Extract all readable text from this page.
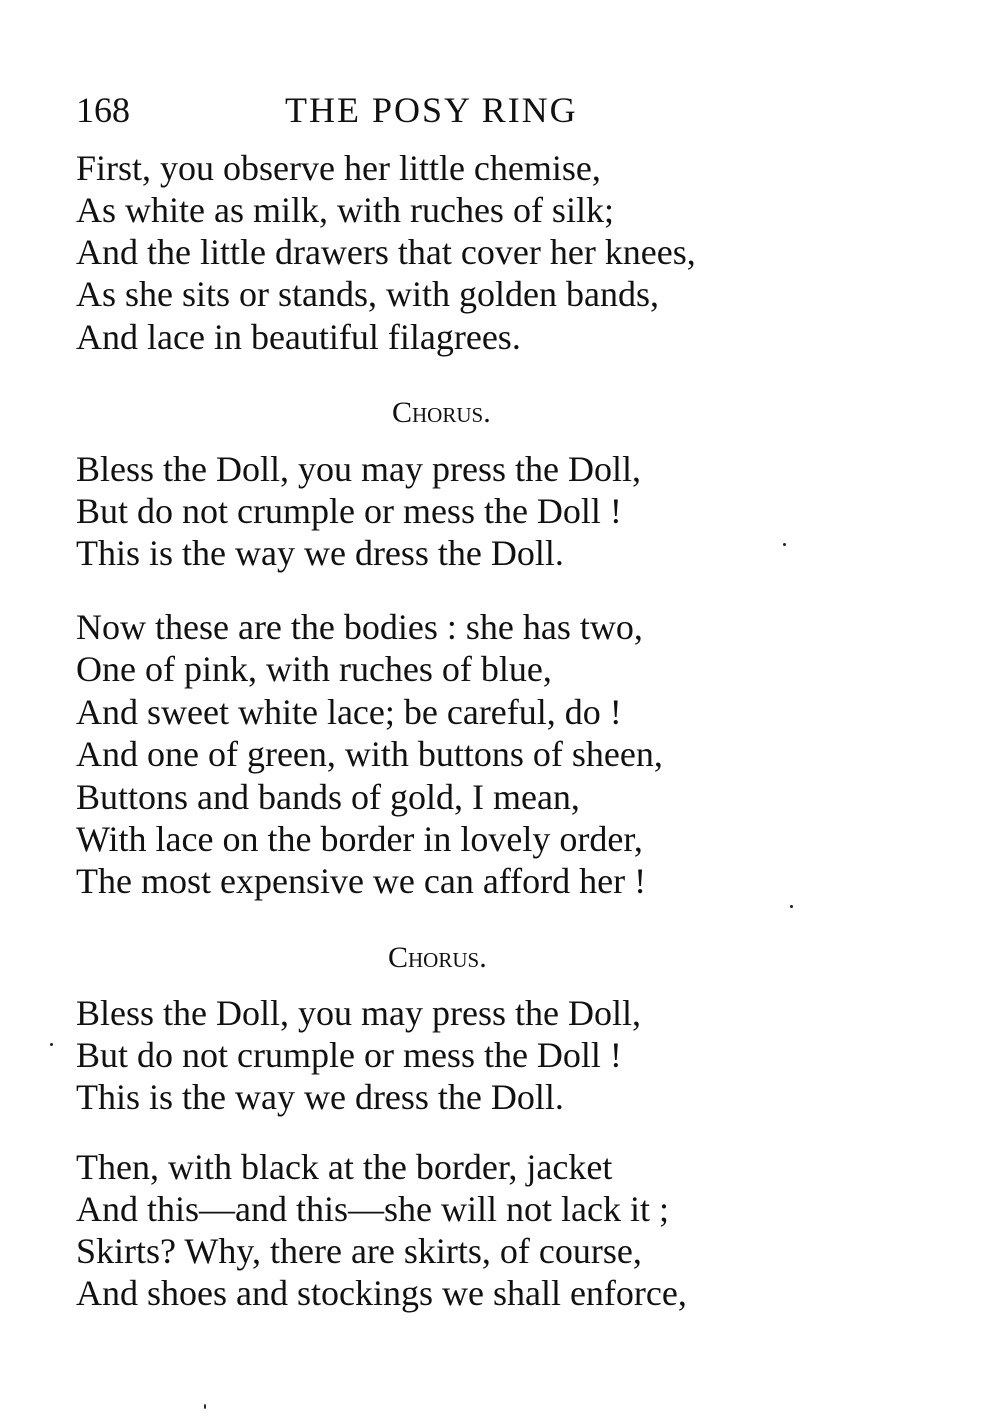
168	THE POSY RING
First, you observe her little chemise,
As white as milk, with ruches of silk;
And the little drawers that cover her knees,
As she sits or stands, with golden bands,
And lace in beautiful filagrees.
Chorus.
Bless the Doll, you may press the Doll,
But do not crumple or mess the Doll !
This is the way we dress the Doll.
Now these are the bodies : she has two,
One of pink, with ruches of blue,
And sweet white lace; be careful, do !
And one of green, with buttons of sheen,
Buttons and bands of gold, I mean,
With lace on the border in lovely order,
The most expensive we can afford her !
Chorus.
Bless the Doll, you may press the Doll,
But do not crumple or mess the Doll !
This is the way we dress the Doll.
Then, with black at the border, jacket
And this—and this—she will not lack it ;
Skirts? Why, there are skirts, of course,
And shoes and stockings we shall enforce,
